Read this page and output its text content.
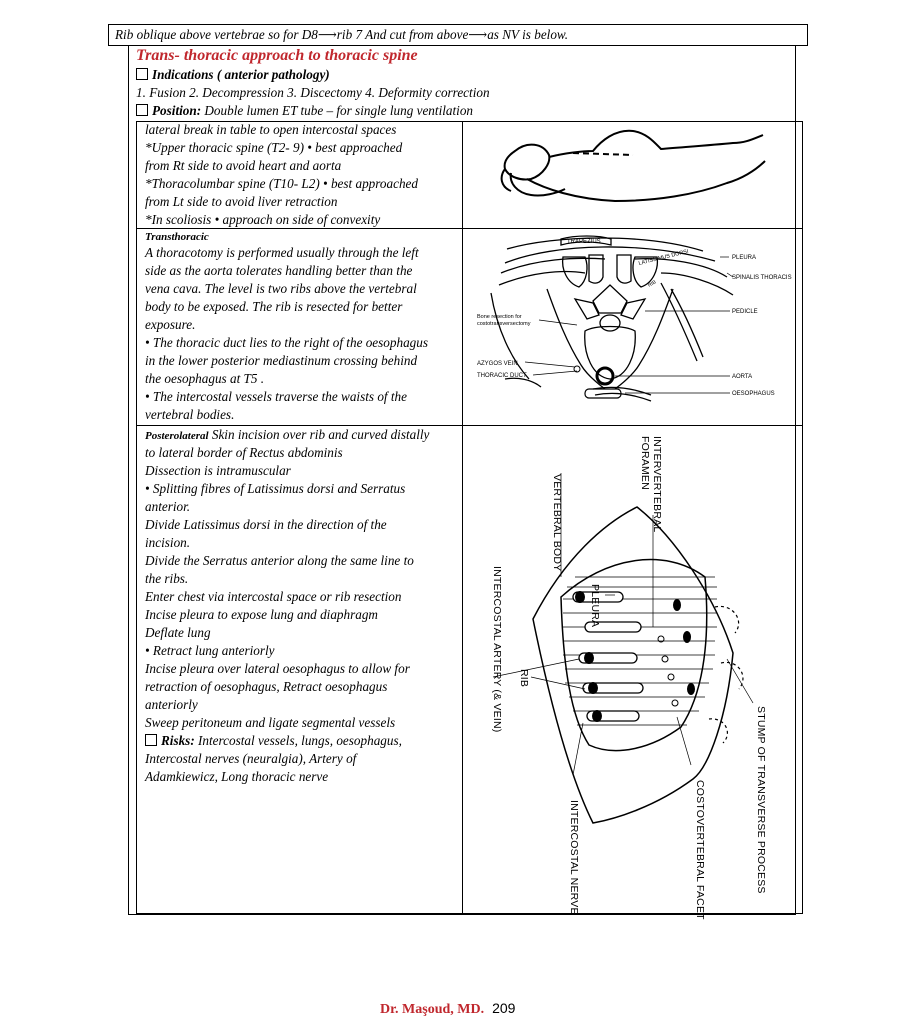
Rib oblique above vertebrae so for D8⟶rib 7 And cut from above⟶as NV is below.
Trans- thoracic approach to thoracic spine
Indications ( anterior pathology)
1. Fusion 2. Decompression 3. Discectomy 4. Deformity correction
Position: Double lumen ET tube – for single lung ventilation
lateral break in table to open intercostal spaces
*Upper thoracic spine (T2- 9) • best approached
from Rt side to avoid heart and aorta
*Thoracolumbar spine (T10- L2) • best approached
from Lt side to avoid liver retraction
*In scoliosis • approach on side of convexity
Transthoracic
A thoracotomy is performed usually through the left
side as the aorta tolerates handling better than the
vena cava. The level is two ribs above the vertebral
body to be exposed. The rib is resected for better
exposure.
• The thoracic duct lies to the right of the oesophagus
in the lower posterior mediastinum crossing behind
the oesophagus at T5 .
• The intercostal vessels traverse the waists of the
vertebral bodies.
TRAPEZIUS
LATISSIMUS DORSI
RIB
PLEURA
SPINALIS THORACIS
PEDICLE
Bone resection for
costotransversectomy
AZYGOS VEIN
THORACIC DUCT	AORTA
OESOPHAGUS
Posterolateral Skin incision over rib and curved distally
to lateral border of Rectus abdominis
Dissection is intramuscular
• Splitting fibres of Latissimus dorsi and Serratus
anterior.
Divide Latissimus dorsi in the direction of the
incision.
Divide the Serratus anterior along the same line to
the ribs.
Enter chest via intercostal space or rib resection
Incise pleura to expose lung and diaphragm
Deflate lung
• Retract lung anteriorly
Incise pleura over lateral oesophagus to allow for
retraction of oesophagus, Retract oesophagus
anteriorly
Sweep peritoneum and ligate segmental vessels
Risks: Intercostal vessels, lungs, oesophagus,
Intercostal nerves (neuralgia), Artery of
Adamkiewicz, Long thoracic nerve
INTERVERTEBRAL
FORAMEN
VERTEBRAL BODY
INTERCOSTAL ARTERY (& VEIN)	PLEURA
RIB
INTERCOSTAL NERVE	COSTOVERTEBRAL FACET	STUMP OF TRANSVERSE PROCESS
Dr. Maşoud, MD. 209
